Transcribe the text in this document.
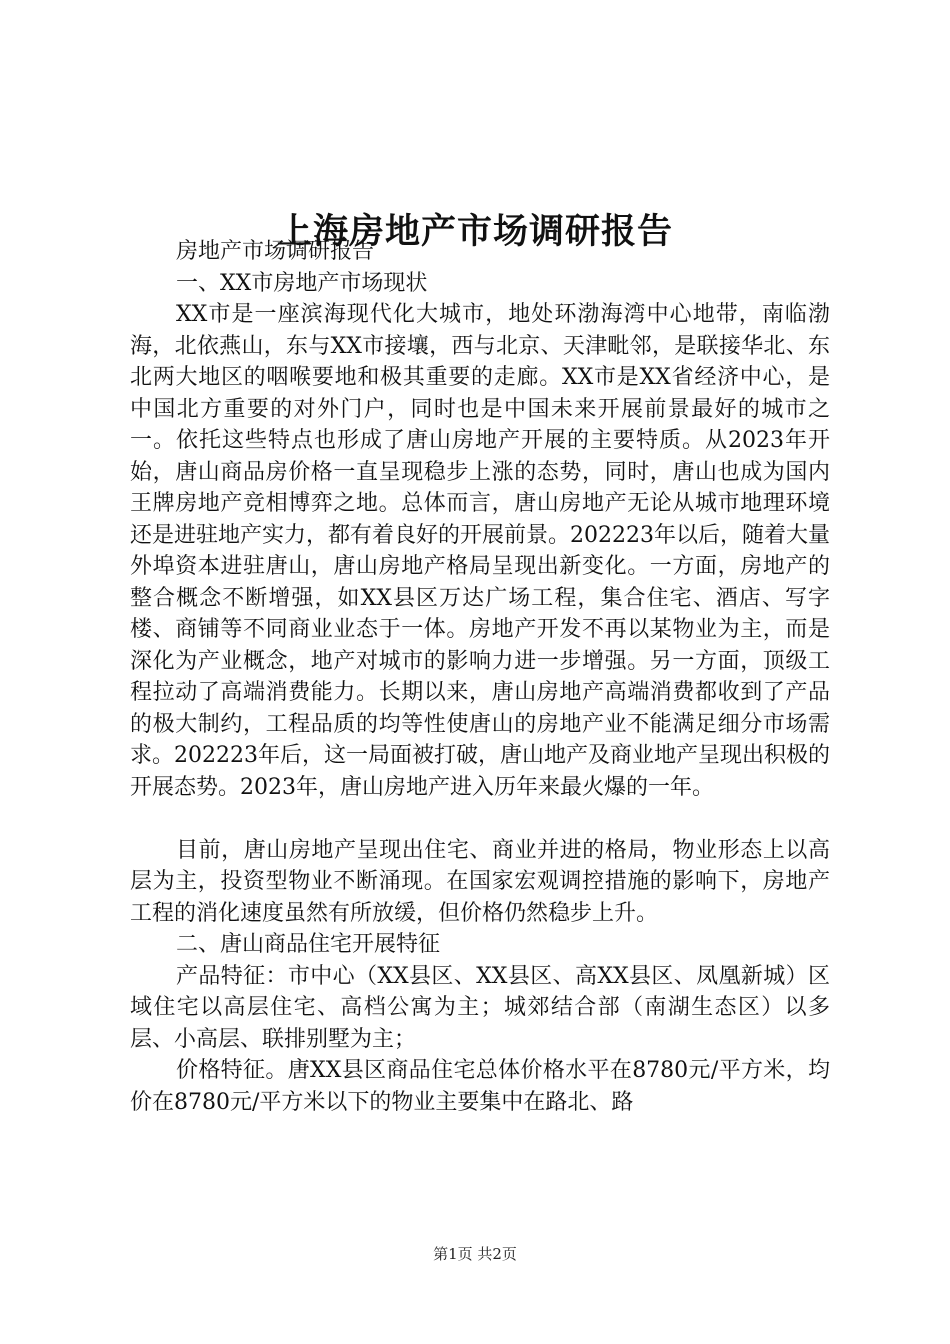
上海房地产市场调研报告

房地产市场调研报告

一、XX市房地产市场现状

XX市是一座滨海现代化大城市，地处环渤海湾中心地带，南临渤海，北依燕山，东与XX市接壤，西与北京、天津毗邻，是联接华北、东北两大地区的咽喉要地和极其重要的走廊。XX市是XX省经济中心，是中国北方重要的对外门户，同时也是中国未来开展前景最好的城市之一。依托这些特点也形成了唐山房地产开展的主要特质。从2023年开始，唐山商品房价格一直呈现稳步上涨的态势，同时，唐山也成为国内王牌房地产竞相博弈之地。总体而言，唐山房地产无论从城市地理环境还是进驻地产实力，都有着良好的开展前景。202223年以后，随着大量外埠资本进驻唐山，唐山房地产格局呈现出新变化。一方面，房地产的整合概念不断增强，如XX县区万达广场工程，集合住宅、酒店、写字楼、商铺等不同商业业态于一体。房地产开发不再以某物业为主，而是深化为产业概念，地产对城市的影响力进一步增强。另一方面，顶级工程拉动了高端消费能力。长期以来，唐山房地产高端消费都收到了产品的极大制约，工程品质的均等性使唐山的房地产业不能满足细分市场需求。202223年后，这一局面被打破，唐山地产及商业地产呈现出积极的开展态势。2023年，唐山房地产进入历年来最火爆的一年。

目前，唐山房地产呈现出住宅、商业并进的格局，物业形态上以高层为主，投资型物业不断涌现。在国家宏观调控措施的影响下，房地产工程的消化速度虽然有所放缓，但价格仍然稳步上升。

二、唐山商品住宅开展特征

产品特征：市中心（XX县区、XX县区、高XX县区、凤凰新城）区域住宅以高层住宅、高档公寓为主；城郊结合部（南湖生态区）以多层、小高层、联排别墅为主；

价格特征。唐XX县区商品住宅总体价格水平在8780元/平方米，均价在8780元/平方米以下的物业主要集中在路北、路

第1页 共2页
